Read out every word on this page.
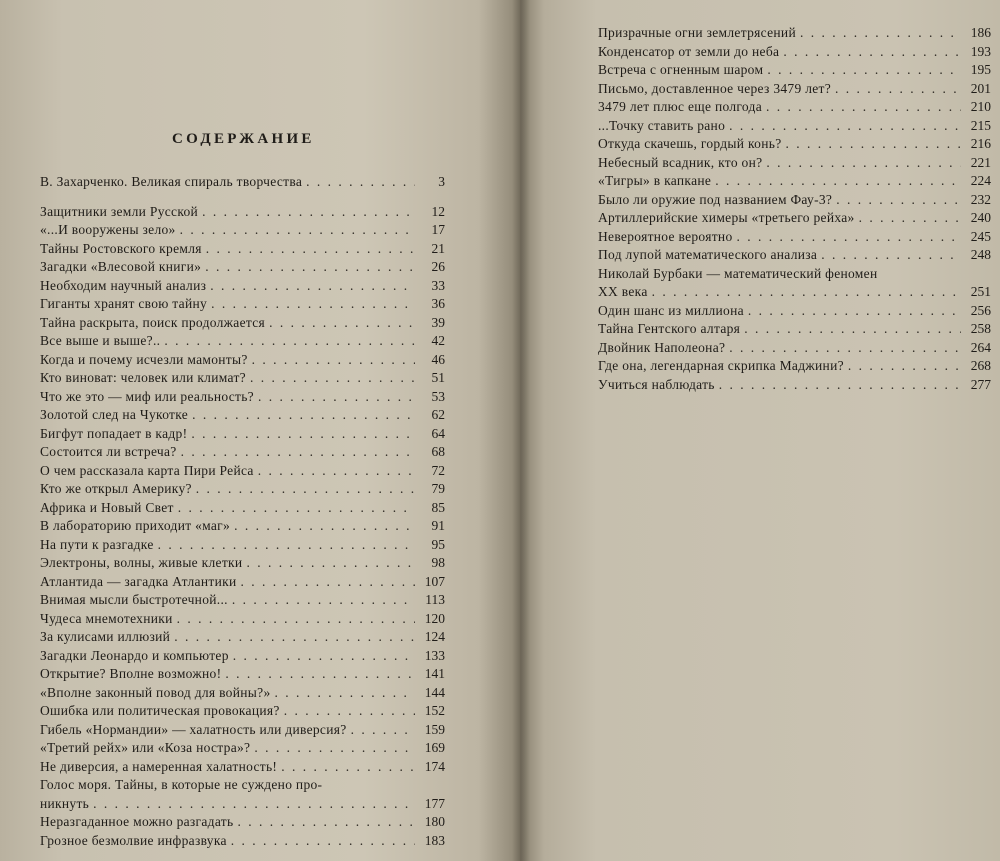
СОДЕРЖАНИЕ
В. Захарченко. Великая спираль творчества . . .	3
Защитники земли Русской . . .	12
«...И вооружены зело» . . .	17
Тайны Ростовского кремля . . .	21
Загадки «Влесовой книги» . . .	26
Необходим научный анализ . . .	33
Гиганты хранят свою тайну . . .	36
Тайна раскрыта, поиск продолжается . . .	39
Все выше и выше?.. . . .	42
Когда и почему исчезли мамонты? . . .	46
Кто виноват: человек или климат? . . .	51
Что же это — миф или реальность? . . .	53
Золотой след на Чукотке . . .	62
Бигфут попадает в кадр! . . .	64
Состоится ли встреча? . . .	68
О чем рассказала карта Пири Рейса . . .	72
Кто же открыл Америку? . . .	79
Африка и Новый Свет . . .	85
В лабораторию приходит «маг» . . .	91
На пути к разгадке . . .	95
Электроны, волны, живые клетки . . .	98
Атлантида — загадка Атлантики . . .	107
Внимая мысли быстротечной... . . .	113
Чудеса мнемотехники . . .	120
За кулисами иллюзий . . .	124
Загадки Леонардо и компьютер . . .	133
Открытие? Вполне возможно! . . .	141
«Вполне законный повод для войны?» . . .	144
Ошибка или политическая провокация? . . .	152
Гибель «Нормандии» — халатность или диверсия? . . .	159
«Третий рейх» или «Коза ностра»? . . .	169
Не диверсия, а намеренная халатность! . . .	174
Голос моря. Тайны, в которые не суждено про-
никнуть . . .	177
Неразгаданное можно разгадать . . .	180
Грозное безмолвие инфразвука . . .	183
Призрачные огни землетрясений . . .	186
Конденсатор от земли до неба . . .	193
Встреча с огненным шаром . . .	195
Письмо, доставленное через 3479 лет? . . .	201
3479 лет плюс еще полгода . . .	210
...Точку ставить рано . . .	215
Откуда скачешь, гордый конь? . . .	216
Небесный всадник, кто он? . . .	221
«Тигры» в капкане . . .	224
Было ли оружие под названием Фау-3? . . .	232
Артиллерийские химеры «третьего рейха» . . .	240
Невероятное вероятно . . .	245
Под лупой математического анализа . . .	248
Николай Бурбаки — математический феномен
XX века . . .	251
Один шанс из миллиона . . .	256
Тайна Гентского алтаря . . .	258
Двойник Наполеона? . . .	264
Где она, легендарная скрипка Маджини? . . .	268
Учиться наблюдать . . .	277
